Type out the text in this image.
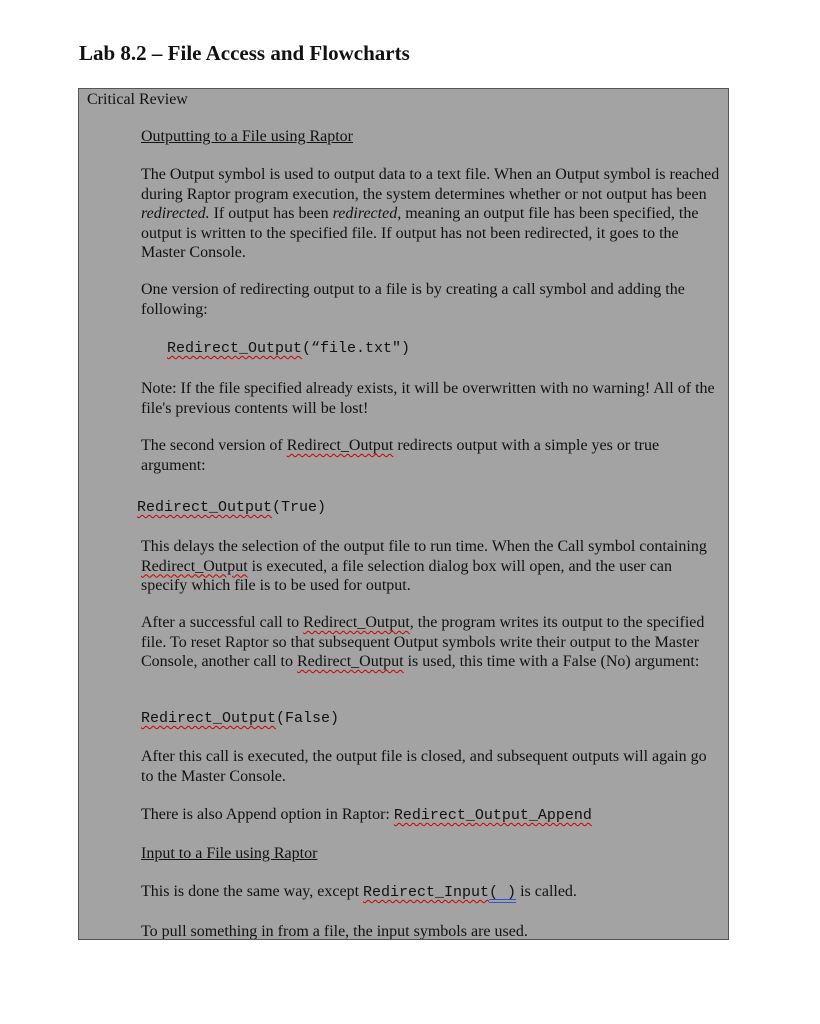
Lab 8.2 – File Access and Flowcharts
Critical Review

Outputting to a File using Raptor

The Output symbol is used to output data to a text file. When an Output symbol is reached during Raptor program execution, the system determines whether or not output has been redirected. If output has been redirected, meaning an output file has been specified, the output is written to the specified file. If output has not been redirected, it goes to the Master Console.

One version of redirecting output to a file is by creating a call symbol and adding the following:

Redirect_Output(“file.txt")

Note: If the file specified already exists, it will be overwritten with no warning! All of the file's previous contents will be lost!

The second version of Redirect_Output redirects output with a simple yes or true argument:

Redirect_Output(True)

This delays the selection of the output file to run time. When the Call symbol containing Redirect_Output is executed, a file selection dialog box will open, and the user can specify which file is to be used for output.

After a successful call to Redirect_Output, the program writes its output to the specified file. To reset Raptor so that subsequent Output symbols write their output to the Master Console, another call to Redirect_Output is used, this time with a False (No) argument:

Redirect_Output(False)

After this call is executed, the output file is closed, and subsequent outputs will again go to the Master Console.

There is also Append option in Raptor: Redirect_Output_Append

Input to a File using Raptor

This is done the same way, except Redirect_Input( ) is called.

To pull something in from a file, the input symbols are used.
